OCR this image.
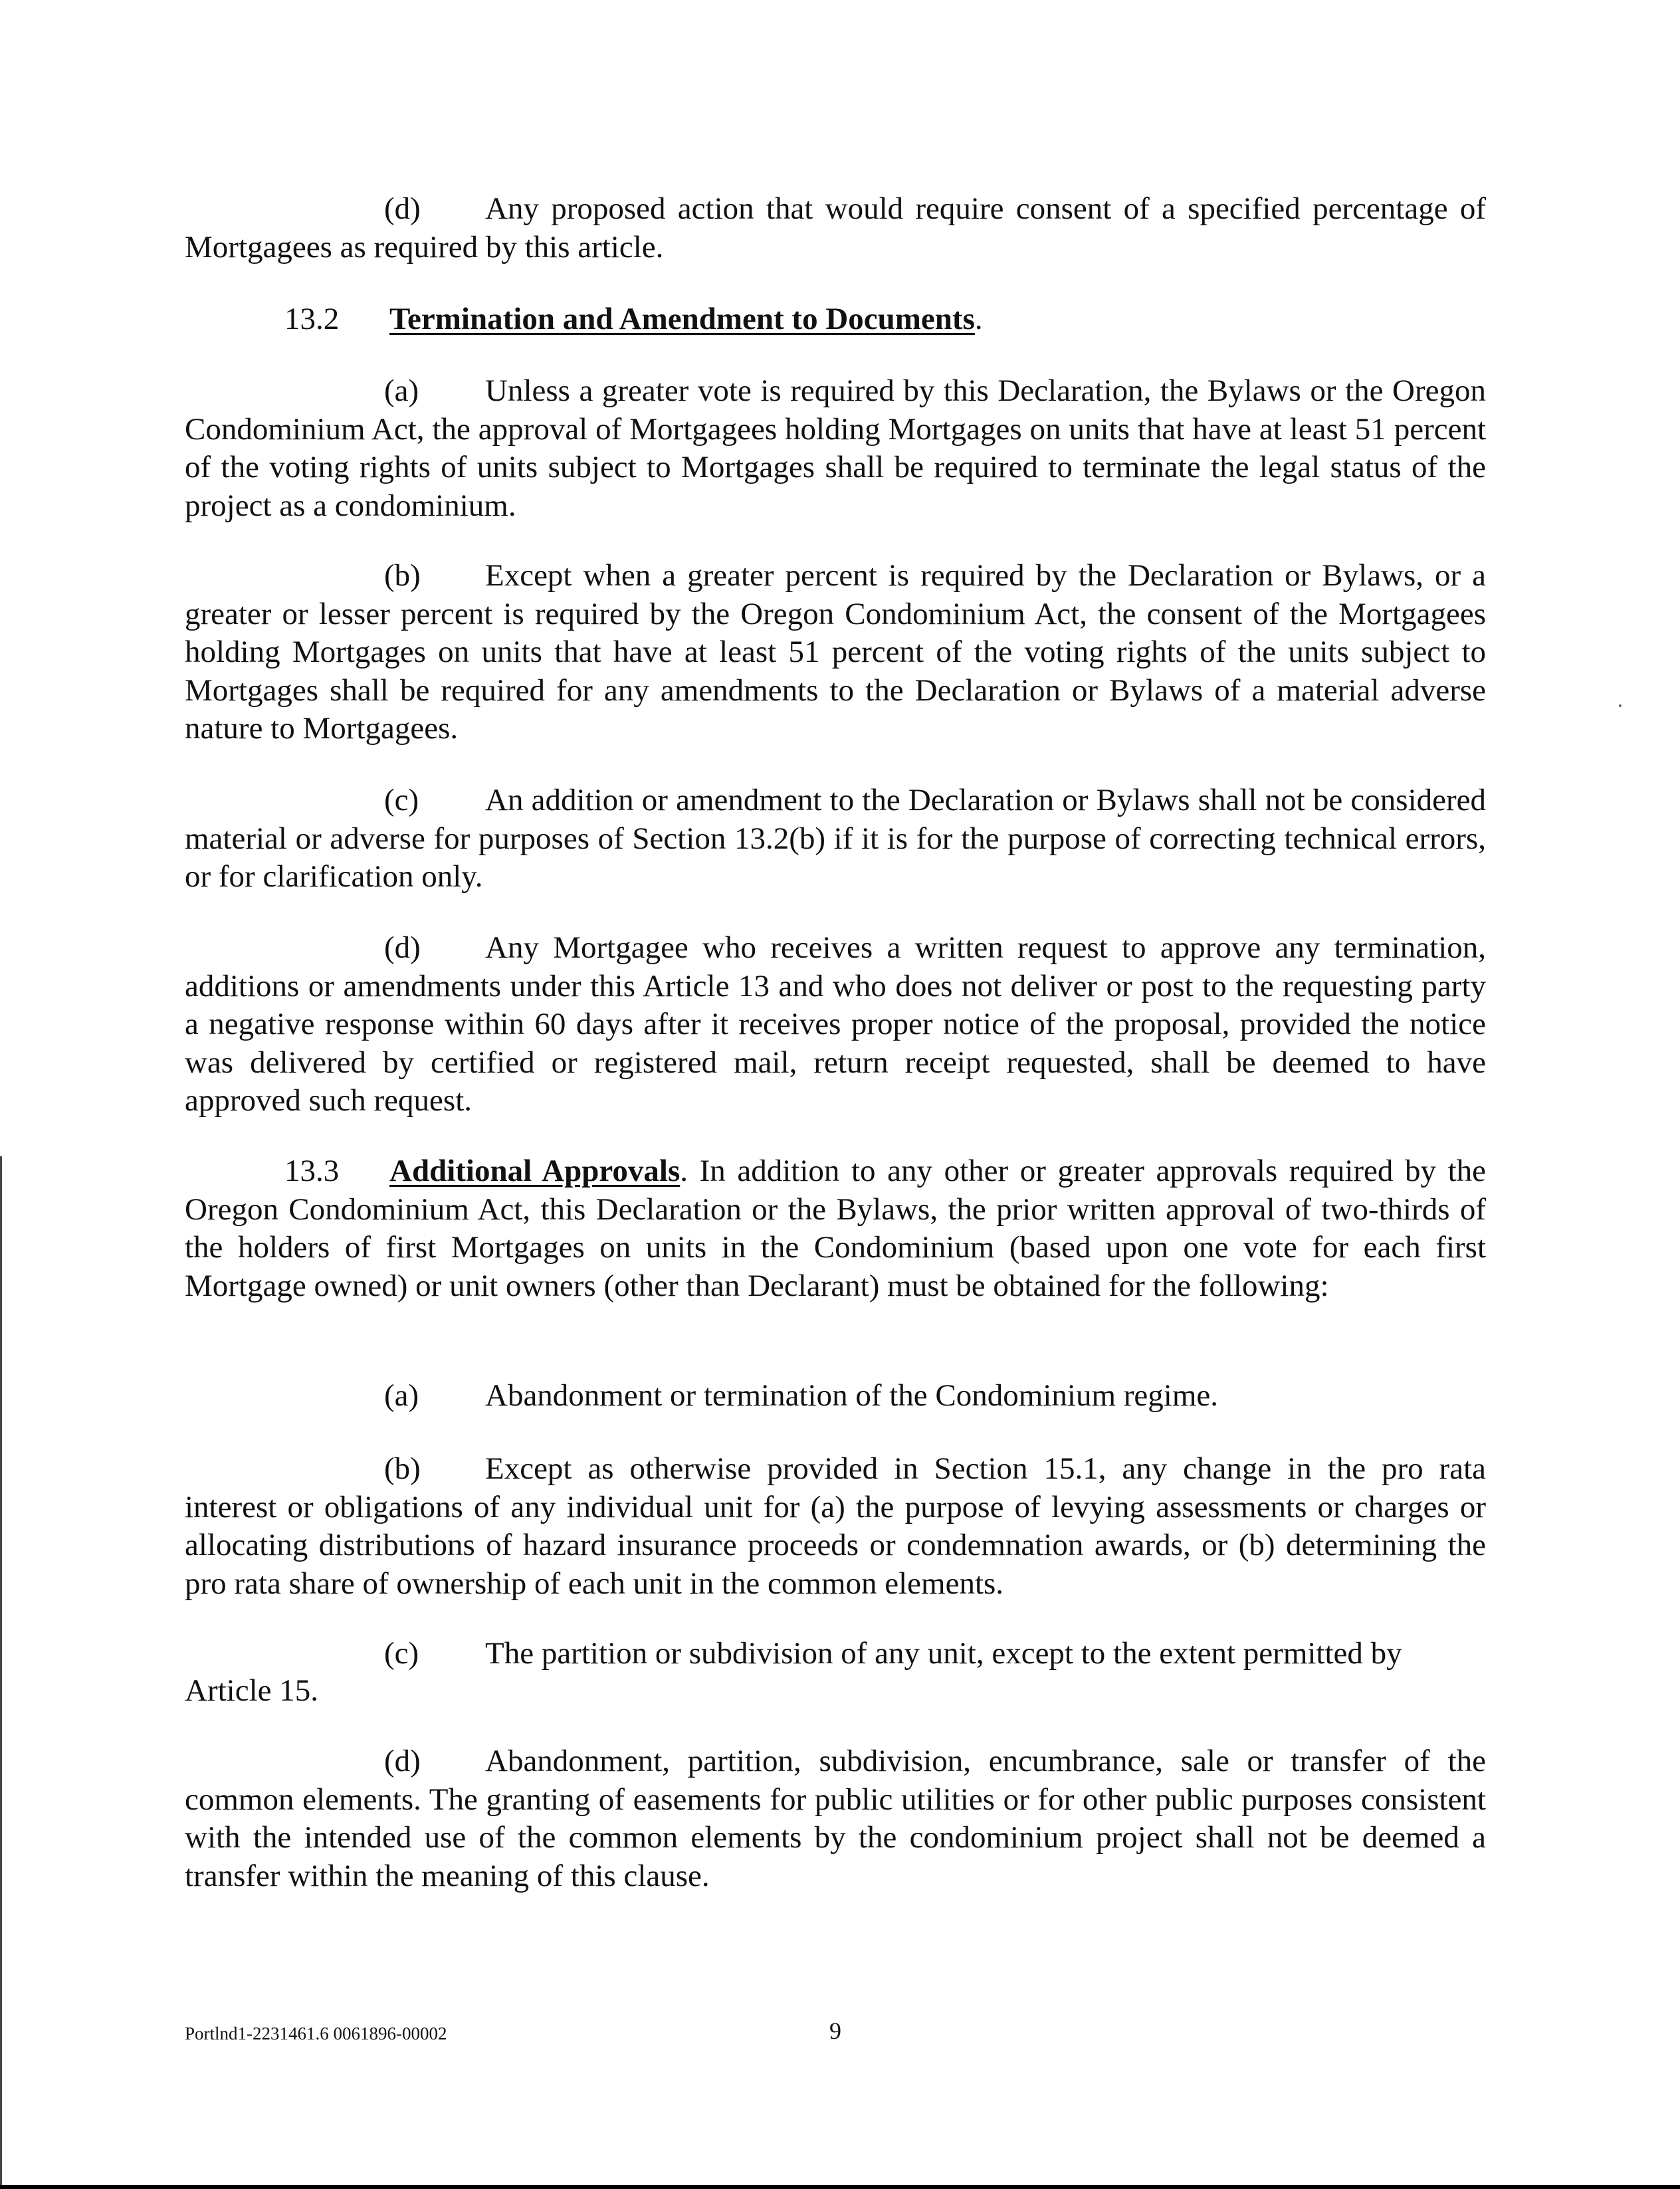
(d) Any proposed action that would require consent of a specified percentage of Mortgagees as required by this article.

13.2 Termination and Amendment to Documents.

(a) Unless a greater vote is required by this Declaration, the Bylaws or the Oregon Condominium Act, the approval of Mortgagees holding Mortgages on units that have at least 51 percent of the voting rights of units subject to Mortgages shall be required to terminate the legal status of the project as a condominium.

(b) Except when a greater percent is required by the Declaration or Bylaws, or a greater or lesser percent is required by the Oregon Condominium Act, the consent of the Mortgagees holding Mortgages on units that have at least 51 percent of the voting rights of the units subject to Mortgages shall be required for any amendments to the Declaration or Bylaws of a material adverse nature to Mortgagees.

(c) An addition or amendment to the Declaration or Bylaws shall not be considered material or adverse for purposes of Section 13.2(b) if it is for the purpose of correcting technical errors, or for clarification only.

(d) Any Mortgagee who receives a written request to approve any termination, additions or amendments under this Article 13 and who does not deliver or post to the requesting party a negative response within 60 days after it receives proper notice of the proposal, provided the notice was delivered by certified or registered mail, return receipt requested, shall be deemed to have approved such request.

13.3 Additional Approvals. In addition to any other or greater approvals required by the Oregon Condominium Act, this Declaration or the Bylaws, the prior written approval of two-thirds of the holders of first Mortgages on units in the Condominium (based upon one vote for each first Mortgage owned) or unit owners (other than Declarant) must be obtained for the following:

(a) Abandonment or termination of the Condominium regime.

(b) Except as otherwise provided in Section 15.1, any change in the pro rata interest or obligations of any individual unit for (a) the purpose of levying assessments or charges or allocating distributions of hazard insurance proceeds or condemnation awards, or (b) determining the pro rata share of ownership of each unit in the common elements.

(c) The partition or subdivision of any unit, except to the extent permitted by

Article 15.

(d) Abandonment, partition, subdivision, encumbrance, sale or transfer of the common elements. The granting of easements for public utilities or for other public purposes consistent with the intended use of the common elements by the condominium project shall not be deemed a transfer within the meaning of this clause.

Portlnd1-2231461.6 0061896-00002	9
